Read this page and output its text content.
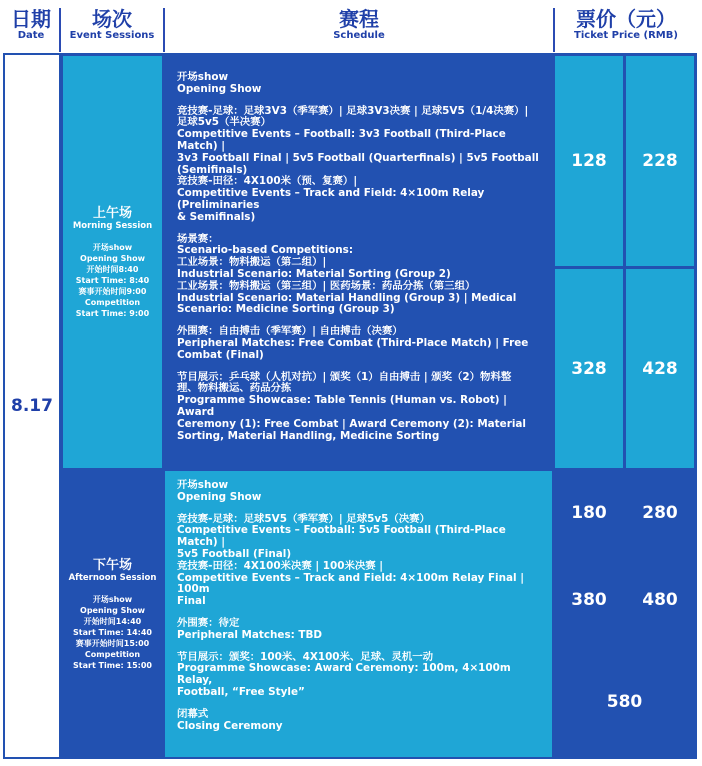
日期
Date
场次
Event Sessions
赛程
Schedule
票价（元）
Ticket Price (RMB)
8.17
上午场
Morning Session
开场show
Opening Show
开始时间8:40
Start Time: 8:40
赛事开始时间9:00
Competition
Start Time: 9:00

开场show

Opening Show

竞技赛-足球：足球3V3（季军赛）| 足球3V3决赛 | 足球5V5（1/4决赛）|

足球5v5（半决赛）

Competitive Events – Football: 3v3 Football (Third-Place Match) |

3v3 Football Final | 5v5 Football (Quarterfinals) | 5v5 Football

(Semifinals)

竞技赛-田径：4X100米（预、复赛）|

Competitive Events – Track and Field: 4×100m Relay (Preliminaries

& Semifinals)

场景赛：

Scenario-based Competitions:

工业场景：物料搬运（第二组）|

Industrial Scenario: Material Sorting (Group 2)

工业场景：物料搬运（第三组）| 医药场景：药品分拣（第三组）

Industrial Scenario: Material Handling (Group 3) | Medical

Scenario: Medicine Sorting (Group 3)

外围赛：自由搏击（季军赛）| 自由搏击（决赛）

Peripheral Matches: Free Combat (Third-Place Match) | Free

Combat (Final)

节目展示：乒乓球（人机对抗）| 颁奖（1）自由搏击 | 颁奖（2）物料整

理、物料搬运、药品分拣

Programme Showcase: Table Tennis (Human vs. Robot) | Award

Ceremony (1): Free Combat | Award Ceremony (2): Material

Sorting, Material Handling, Medicine Sorting

128 228
328 428
下午场
Afternoon Session
开场show
Opening Show
开始时间14:40
Start Time: 14:40
赛事开始时间15:00
Competition
Start Time: 15:00

开场show

Opening Show

竞技赛-足球：足球5V5（季军赛）| 足球5v5（决赛）

Competitive Events – Football: 5v5 Football (Third-Place Match) |

5v5 Football (Final)

竞技赛-田径：4X100米决赛 | 100米决赛 |

Competitive Events – Track and Field: 4×100m Relay Final | 100m

Final

外围赛：待定

Peripheral Matches: TBD

节目展示：颁奖：100米、4X100米、足球、灵机一动

Programme Showcase: Award Ceremony: 100m, 4×100m Relay,

Football, “Free Style”

闭幕式

Closing Ceremony

180 280
380 480
580
